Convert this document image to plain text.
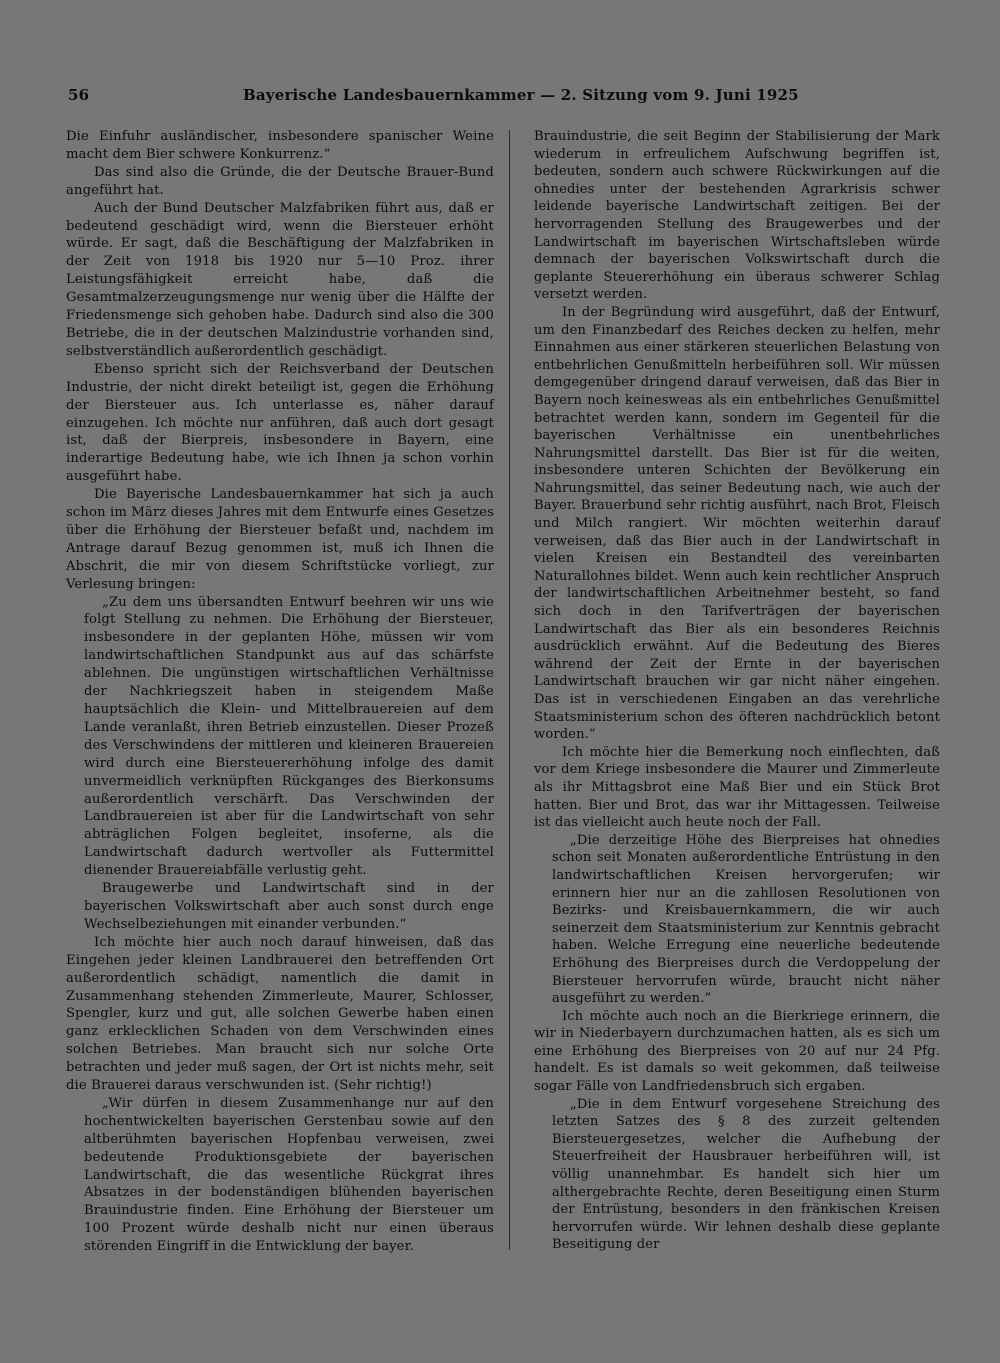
56	Bayerische Landesbauernkammer — 2. Sitzung vom 9. Juni 1925

Die Einfuhr ausländischer, insbesondere spanischer Weine macht dem Bier schwere Konkurrenz.“

Das sind also die Gründe, die der Deutsche Brauer-Bund angeführt hat.

Auch der Bund Deutscher Malzfabriken führt aus, daß er bedeutend geschädigt wird, wenn die Biersteuer erhöht würde. Er sagt, daß die Beschäftigung der Malzfabriken in der Zeit von 1918 bis 1920 nur 5—10 Proz. ihrer Leistungsfähigkeit erreicht habe, daß die Gesamtmalzerzeugungsmenge nur wenig über die Hälfte der Friedensmenge sich gehoben habe. Dadurch sind also die 300 Betriebe, die in der deutschen Malzindustrie vorhanden sind, selbstverständlich außerordentlich geschädigt.

Ebenso spricht sich der Reichsverband der Deutschen Industrie, der nicht direkt beteiligt ist, gegen die Erhöhung der Biersteuer aus. Ich unterlasse es, näher darauf einzugehen. Ich möchte nur anführen, daß auch dort gesagt ist, daß der Bierpreis, insbesondere in Bayern, eine inderartige Bedeutung habe, wie ich Ihnen ja schon vorhin ausgeführt habe.

Die Bayerische Landesbauernkammer hat sich ja auch schon im März dieses Jahres mit dem Entwurfe eines Gesetzes über die Erhöhung der Biersteuer befaßt und, nachdem im Antrage darauf Bezug genommen ist, muß ich Ihnen die Abschrit, die mir von diesem Schriftstücke vorliegt, zur Verlesung bringen:

„Zu dem uns übersandten Entwurf beehren wir uns wie folgt Stellung zu nehmen. Die Erhöhung der Biersteuer, insbesondere in der geplanten Höhe, müssen wir vom landwirtschaftlichen Standpunkt aus auf das schärfste ablehnen. Die ungünstigen wirtschaftlichen Verhältnisse der Nachkriegszeit haben in steigendem Maße hauptsächlich die Klein- und Mittelbrauereien auf dem Lande veranlaßt, ihren Betrieb einzustellen. Dieser Prozeß des Verschwindens der mittleren und kleineren Brauereien wird durch eine Biersteuererhöhung infolge des damit unvermeidlich verknüpften Rückganges des Bierkonsums außerordentlich verschärft. Das Verschwinden der Landbrauereien ist aber für die Landwirtschaft von sehr abträglichen Folgen begleitet, insoferne, als die Landwirtschaft dadurch wertvoller als Futtermittel dienender Brauereiabfälle verlustig geht.

Braugewerbe und Landwirtschaft sind in der bayerischen Volkswirtschaft aber auch sonst durch enge Wechselbeziehungen mit einander verbunden.“

Ich möchte hier auch noch darauf hinweisen, daß das Eingehen jeder kleinen Landbrauerei den betreffenden Ort außerordentlich schädigt, namentlich die damit in Zusammenhang stehenden Zimmerleute, Maurer, Schlosser, Spengler, kurz und gut, alle solchen Gewerbe haben einen ganz erklecklichen Schaden von dem Verschwinden eines solchen Betriebes. Man braucht sich nur solche Orte betrachten und jeder muß sagen, der Ort ist nichts mehr, seit die Brauerei daraus verschwunden ist. (Sehr richtig!)

„Wir dürfen in diesem Zusammenhange nur auf den hochentwickelten bayerischen Gerstenbau sowie auf den altberühmten bayerischen Hopfenbau verweisen, zwei bedeutende Produktionsgebiete der bayerischen Landwirtschaft, die das wesentliche Rückgrat ihres Absatzes in der bodenständigen blühenden bayerischen Brauindustrie finden. Eine Erhöhung der Biersteuer um 100 Prozent würde deshalb nicht nur einen überaus störenden Eingriff in die Entwicklung der bayer.

Brauindustrie, die seit Beginn der Stabilisierung der Mark wiederum in erfreulichem Aufschwung begriffen ist, bedeuten, sondern auch schwere Rückwirkungen auf die ohnedies unter der bestehenden Agrarkrisis schwer leidende bayerische Landwirtschaft zeitigen. Bei der hervorragenden Stellung des Braugewerbes und der Landwirtschaft im bayerischen Wirtschaftsleben würde demnach der bayerischen Volkswirtschaft durch die geplante Steuererhöhung ein überaus schwerer Schlag versetzt werden.

In der Begründung wird ausgeführt, daß der Entwurf, um den Finanzbedarf des Reiches decken zu helfen, mehr Einnahmen aus einer stärkeren steuerlichen Belastung von entbehrlichen Genußmitteln herbeiführen soll. Wir müssen demgegenüber dringend darauf verweisen, daß das Bier in Bayern noch keinesweas als ein entbehrliches Genußmittel betrachtet werden kann, sondern im Gegenteil für die bayerischen Verhältnisse ein unentbehrliches Nahrungsmittel darstellt. Das Bier ist für die weiten, insbesondere unteren Schichten der Bevölkerung ein Nahrungsmittel, das seiner Bedeutung nach, wie auch der Bayer. Brauerbund sehr richtig ausführt, nach Brot, Fleisch und Milch rangiert. Wir möchten weiterhin darauf verweisen, daß das Bier auch in der Landwirtschaft in vielen Kreisen ein Bestandteil des vereinbarten Naturallohnes bildet. Wenn auch kein rechtlicher Anspruch der landwirtschaftlichen Arbeitnehmer besteht, so fand sich doch in den Tarifverträgen der bayerischen Landwirtschaft das Bier als ein besonderes Reichnis ausdrücklich erwähnt. Auf die Bedeutung des Bieres während der Zeit der Ernte in der bayerischen Landwirtschaft brauchen wir gar nicht näher eingehen. Das ist in verschiedenen Eingaben an das verehrliche Staatsministerium schon des öfteren nachdrücklich betont worden.“

Ich möchte hier die Bemerkung noch einflechten, daß vor dem Kriege insbesondere die Maurer und Zimmerleute als ihr Mittagsbrot eine Maß Bier und ein Stück Brot hatten. Bier und Brot, das war ihr Mittagessen. Teilweise ist das vielleicht auch heute noch der Fall.

„Die derzeitige Höhe des Bierpreises hat ohnedies schon seit Monaten außerordentliche Entrüstung in den landwirtschaftlichen Kreisen hervorgerufen; wir erinnern hier nur an die zahllosen Resolutionen von Bezirks- und Kreisbauernkammern, die wir auch seinerzeit dem Staatsministerium zur Kenntnis gebracht haben. Welche Erregung eine neuerliche bedeutende Erhöhung des Bierpreises durch die Verdoppelung der Biersteuer hervorrufen würde, braucht nicht näher ausgeführt zu werden.“

Ich möchte auch noch an die Bierkriege erinnern, die wir in Niederbayern durchzumachen hatten, als es sich um eine Erhöhung des Bierpreises von 20 auf nur 24 Pfg. handelt. Es ist damals so weit gekommen, daß teilweise sogar Fälle von Landfriedensbruch sich ergaben.

„Die in dem Entwurf vorgesehene Streichung des letzten Satzes des § 8 des zurzeit geltenden Biersteuergesetzes, welcher die Aufhebung der Steuerfreiheit der Hausbrauer herbeiführen will, ist völlig unannehmbar. Es handelt sich hier um althergebrachte Rechte, deren Beseitigung einen Sturm der Entrüstung, besonders in den fränkischen Kreisen hervorrufen würde. Wir lehnen deshalb diese geplante Beseitigung der
